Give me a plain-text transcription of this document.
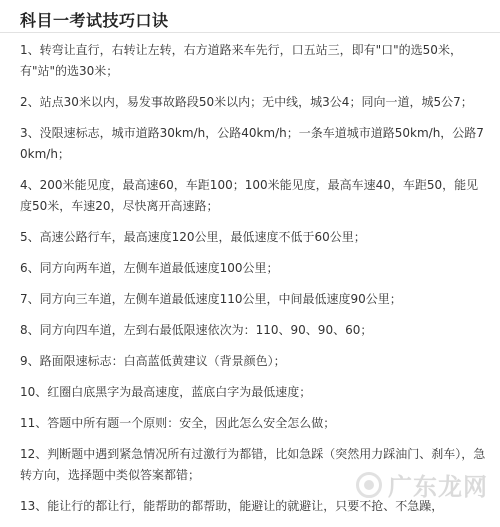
科目一考试技巧口诀
1、转弯让直行，右转让左转，右方道路来车先行，口五站三，即有"口"的选50米，有"站"的选30米；
2、站点30米以内，易发事故路段50米以内；无中线，城3公4；同向一道，城5公7；
3、没限速标志，城市道路30km/h，公路40km/h；一条车道城市道路50km/h，公路70km/h；
4、200米能见度，最高速60，车距100；100米能见度，最高车速40，车距50，能见度50米，车速20，尽快离开高速路；
5、高速公路行车，最高速度120公里，最低速度不低于60公里；
6、同方向两车道，左侧车道最低速度100公里；
7、同方向三车道，左侧车道最低速度110公里，中间最低速度90公里；
8、同方向四车道，左到右最低限速依次为：110、90、90、60；
9、路面限速标志：白高蓝低黄建议（背景颜色）；
10、红圈白底黑字为最高速度，蓝底白字为最低速度；
11、答题中所有题一个原则：安全，因此怎么安全怎么做；
12、判断题中遇到紧急情况所有过激行为都错，比如急踩（突然用力踩油门、刹车），急转方向，选择题中类似答案都错；
13、能让行的都让行，能帮助的都帮助，能避让的就避让，只要不抢、不急躁，
广东龙网
